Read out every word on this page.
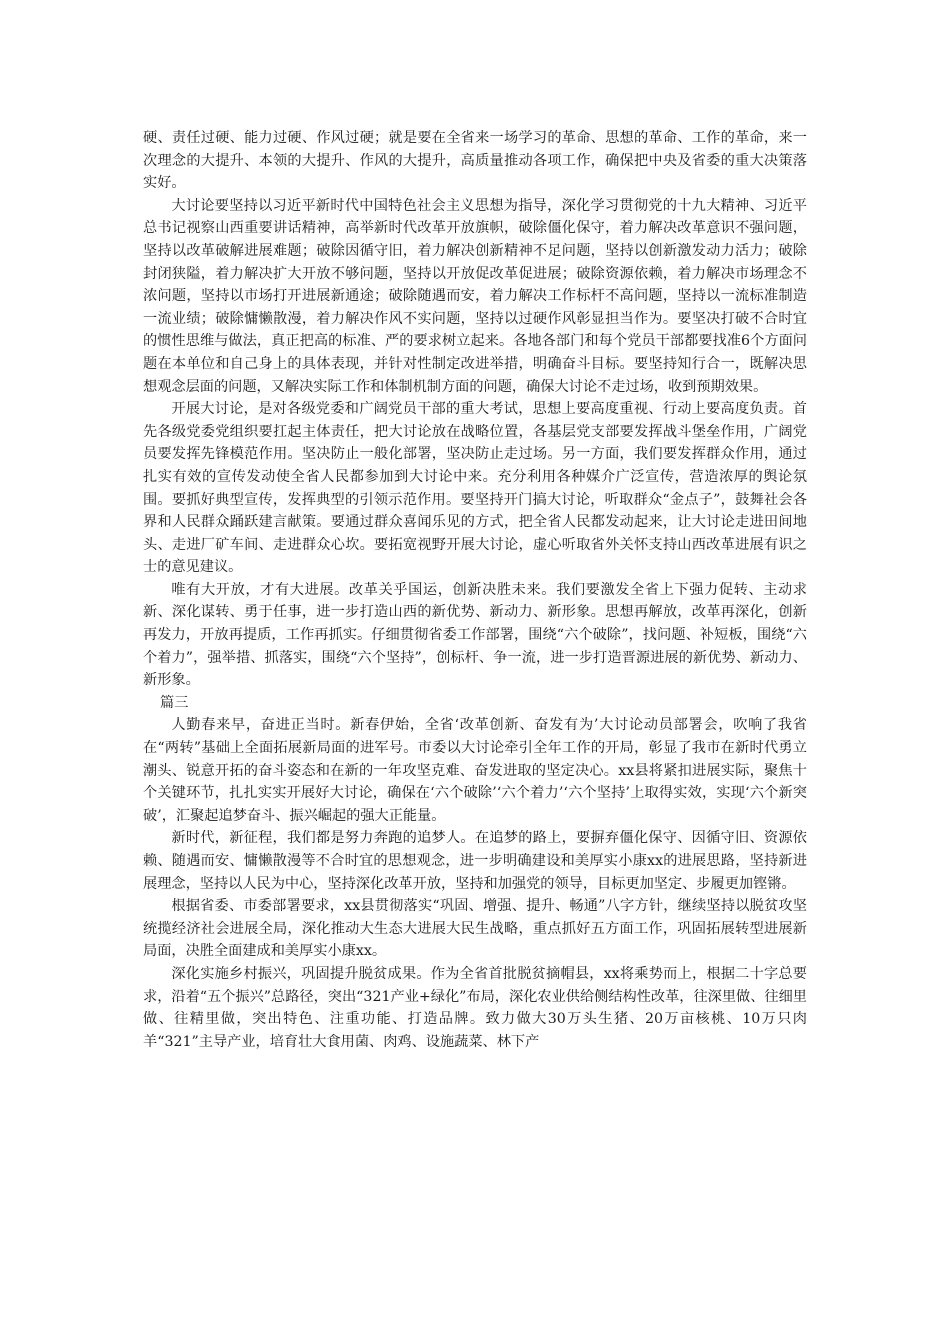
硬、责任过硬、能力过硬、作风过硬；就是要在全省来一场学习的革命、思想的革命、工作的革命，来一次理念的大提升、本领的大提升、作风的大提升，高质量推动各项工作，确保把中央及省委的重大决策落实好。

大讨论要坚持以习近平新时代中国特色社会主义思想为指导，深化学习贯彻党的十九大精神、习近平总书记视察山西重要讲话精神，高举新时代改革开放旗帜，破除僵化保守，着力解决改革意识不强问题，坚持以改革破解进展难题；破除因循守旧，着力解决创新精神不足问题，坚持以创新激发动力活力；破除封闭狭隘，着力解决扩大开放不够问题，坚持以开放促改革促进展；破除资源依赖，着力解决市场理念不浓问题，坚持以市场打开进展新通途；破除随遇而安，着力解决工作标杆不高问题，坚持以一流标准制造一流业绩；破除慵懒散漫，着力解决作风不实问题，坚持以过硬作风彰显担当作为。要坚决打破不合时宜的惯性思维与做法，真正把高的标准、严的要求树立起来。各地各部门和每个党员干部都要找准6个方面问题在本单位和自己身上的具体表现，并针对性制定改进举措，明确奋斗目标。要坚持知行合一，既解决思想观念层面的问题，又解决实际工作和体制机制方面的问题，确保大讨论不走过场，收到预期效果。

开展大讨论，是对各级党委和广阔党员干部的重大考试，思想上要高度重视、行动上要高度负责。首先各级党委党组织要扛起主体责任，把大讨论放在战略位置，各基层党支部要发挥战斗堡垒作用，广阔党员要发挥先锋模范作用。坚决防止一般化部署，坚决防止走过场。另一方面，我们要发挥群众作用，通过扎实有效的宣传发动使全省人民都参加到大讨论中来。充分利用各种媒介广泛宣传，营造浓厚的舆论氛围。要抓好典型宣传，发挥典型的引领示范作用。要坚持开门搞大讨论，听取群众“金点子”，鼓舞社会各界和人民群众踊跃建言献策。要通过群众喜闻乐见的方式，把全省人民都发动起来，让大讨论走进田间地头、走进厂矿车间、走进群众心坎。要拓宽视野开展大讨论，虚心听取省外关怀支持山西改革进展有识之士的意见建议。

唯有大开放，才有大进展。改革关乎国运，创新决胜未来。我们要激发全省上下强力促转、主动求新、深化谋转、勇于任事，进一步打造山西的新优势、新动力、新形象。思想再解放，改革再深化，创新再发力，开放再提质，工作再抓实。仔细贯彻省委工作部署，围绕“六个破除”，找问题、补短板，围绕“六个着力”，强举措、抓落实，围绕“六个坚持”，创标杆、争一流，进一步打造晋源进展的新优势、新动力、新形象。

篇三

人勤春来早，奋进正当时。新春伊始，全省‘改革创新、奋发有为’大讨论动员部署会，吹响了我省在“两转”基础上全面拓展新局面的进军号。市委以大讨论牵引全年工作的开局，彰显了我市在新时代勇立潮头、锐意开拓的奋斗姿态和在新的一年攻坚克难、奋发进取的坚定决心。xx县将紧扣进展实际，聚焦十个关键环节，扎扎实实开展好大讨论，确保在‘六个破除’‘六个着力’‘六个坚持’上取得实效，实现‘六个新突破’，汇聚起追梦奋斗、振兴崛起的强大正能量。

新时代，新征程，我们都是努力奔跑的追梦人。在追梦的路上，要摒弃僵化保守、因循守旧、资源依赖、随遇而安、慵懒散漫等不合时宜的思想观念，进一步明确建设和美厚实小康xx的进展思路，坚持新进展理念，坚持以人民为中心，坚持深化改革开放，坚持和加强党的领导，目标更加坚定、步履更加铿锵。

根据省委、市委部署要求，xx县贯彻落实“巩固、增强、提升、畅通”八字方针，继续坚持以脱贫攻坚统揽经济社会进展全局，深化推动大生态大进展大民生战略，重点抓好五方面工作，巩固拓展转型进展新局面，决胜全面建成和美厚实小康xx。

深化实施乡村振兴，巩固提升脱贫成果。作为全省首批脱贫摘帽县，xx将乘势而上，根据二十字总要求，沿着“五个振兴”总路径，突出“321产业+绿化”布局，深化农业供给侧结构性改革，往深里做、往细里做、往精里做，突出特色、注重功能、打造品牌。致力做大30万头生猪、20万亩核桃、10万只肉羊“321”主导产业，培育壮大食用菌、肉鸡、设施蔬菜、林下产
